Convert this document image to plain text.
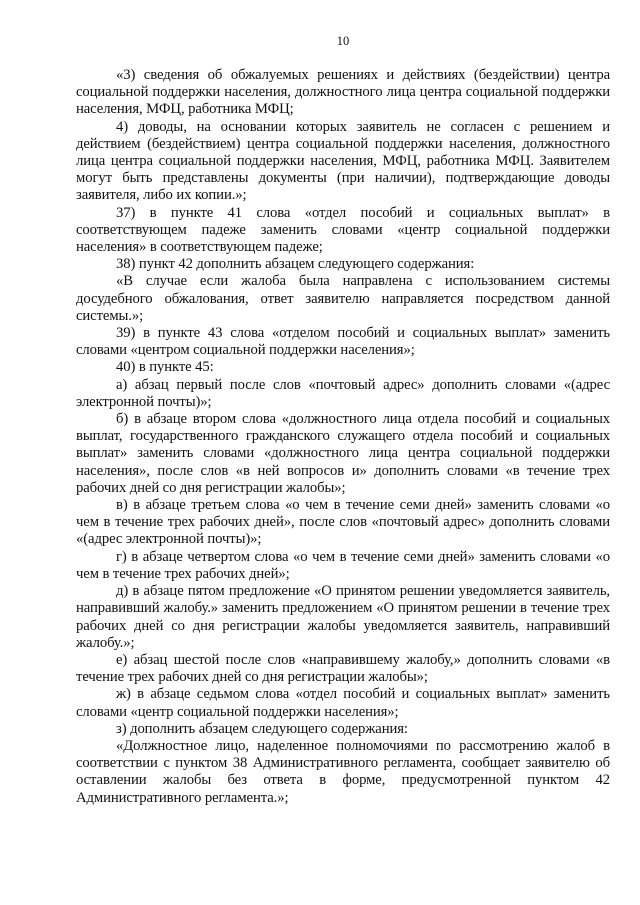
10

«3) сведения об обжалуемых решениях и действиях (бездействии) центра социальной поддержки населения, должностного лица центра социальной поддержки населения, МФЦ, работника МФЦ;

4) доводы, на основании которых заявитель не согласен с решением и действием (бездействием) центра социальной поддержки населения, должностного лица центра социальной поддержки населения, МФЦ, работника МФЦ. Заявителем могут быть представлены документы (при наличии), подтверждающие доводы заявителя, либо их копии.»;

37) в пункте 41 слова «отдел пособий и социальных выплат» в соответствующем падеже заменить словами «центр социальной поддержки населения» в соответствующем падеже;

38) пункт 42 дополнить абзацем следующего содержания:

«В случае если жалоба была направлена с использованием системы досудебного обжалования, ответ заявителю направляется посредством данной системы.»;

39) в пункте 43 слова «отделом пособий и социальных выплат» заменить словами «центром социальной поддержки населения»;

40) в пункте 45:

а) абзац первый после слов «почтовый адрес» дополнить словами «(адрес электронной почты)»;

б) в абзаце втором слова «должностного лица отдела пособий и социальных выплат, государственного гражданского служащего отдела пособий и социальных выплат» заменить словами «должностного лица центра социальной поддержки населения», после слов «в ней вопросов и» дополнить словами «в течение трех рабочих дней со дня регистрации жалобы»;

в) в абзаце третьем слова «о чем в течение семи дней» заменить словами «о чем в течение трех рабочих дней», после слов «почтовый адрес» дополнить словами «(адрес электронной почты)»;

г) в абзаце четвертом слова «о чем в течение семи дней» заменить словами «о чем в течение трех рабочих дней»;

д) в абзаце пятом предложение «О принятом решении уведомляется заявитель, направивший жалобу.» заменить предложением «О принятом решении в течение трех рабочих дней со дня регистрации жалобы уведомляется заявитель, направивший жалобу.»;

е) абзац шестой после слов «направившему жалобу,» дополнить словами «в течение трех рабочих дней со дня регистрации жалобы»;

ж) в абзаце седьмом слова «отдел пособий и социальных выплат» заменить словами «центр социальной поддержки населения»;

з) дополнить абзацем следующего содержания:

«Должностное лицо, наделенное полномочиями по рассмотрению жалоб в соответствии с пунктом 38 Административного регламента, сообщает заявителю об оставлении жалобы без ответа в форме, предусмотренной пунктом 42 Административного регламента.»;
